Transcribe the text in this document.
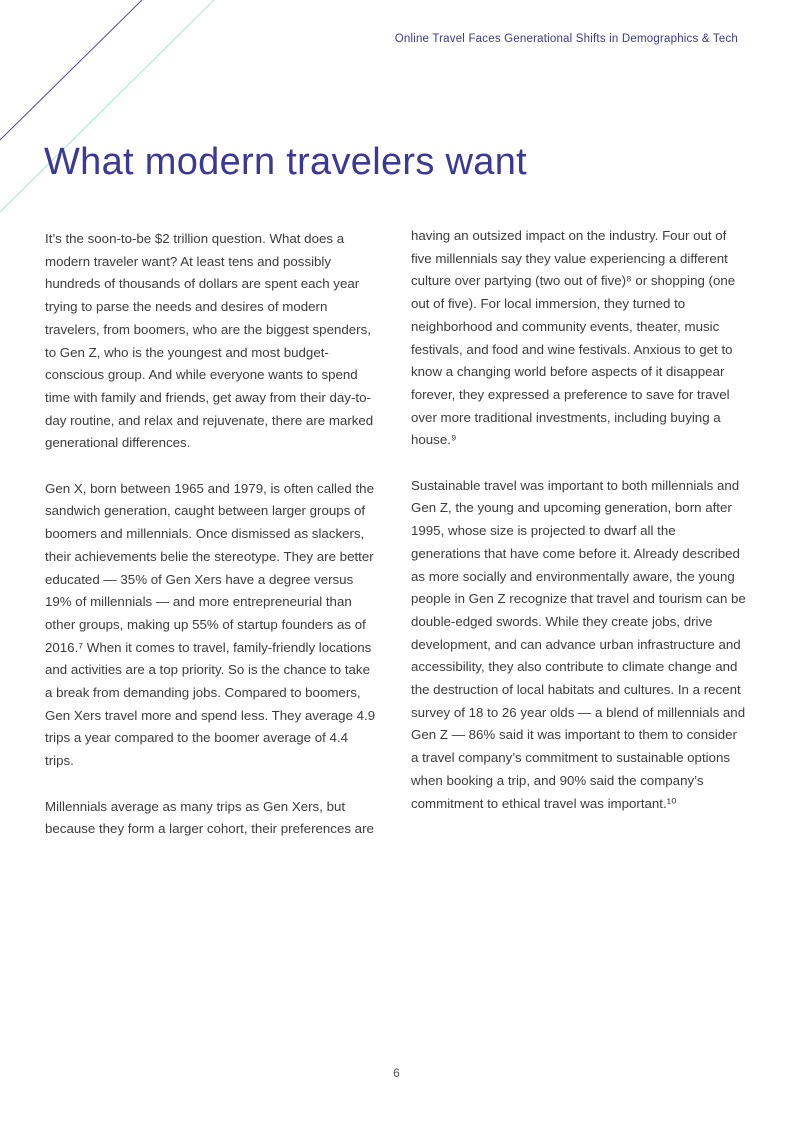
Online Travel Faces Generational Shifts in Demographics & Tech
What modern travelers want

It’s the soon-to-be $2 trillion question. What does a modern traveler want? At least tens and possibly hundreds of thousands of dollars are spent each year trying to parse the needs and desires of modern travelers, from boomers, who are the biggest spenders, to Gen Z, who is the youngest and most budget-conscious group. And while everyone wants to spend time with family and friends, get away from their day-to-day routine, and relax and rejuvenate, there are marked generational differences.

Gen X, born between 1965 and 1979, is often called the sandwich generation, caught between larger groups of boomers and millennials. Once dismissed as slackers, their achievements belie the stereotype. They are better educated — 35% of Gen Xers have a degree versus 19% of millennials — and more entrepreneurial than other groups, making up 55% of startup founders as of 2016.⁷ When it comes to travel, family-friendly locations and activities are a top priority. So is the chance to take a break from demanding jobs. Compared to boomers, Gen Xers travel more and spend less. They average 4.9 trips a year compared to the boomer average of 4.4 trips.

Millennials average as many trips as Gen Xers, but because they form a larger cohort, their preferences are

having an outsized impact on the industry. Four out of five millennials say they value experiencing a different culture over partying (two out of five)⁸ or shopping (one out of five). For local immersion, they turned to neighborhood and community events, theater, music festivals, and food and wine festivals. Anxious to get to know a changing world before aspects of it disappear forever, they expressed a preference to save for travel over more traditional investments, including buying a house.⁹

Sustainable travel was important to both millennials and Gen Z, the young and upcoming generation, born after 1995, whose size is projected to dwarf all the generations that have come before it. Already described as more socially and environmentally aware, the young people in Gen Z recognize that travel and tourism can be double-edged swords. While they create jobs, drive development, and can advance urban infrastructure and accessibility, they also contribute to climate change and the destruction of local habitats and cultures. In a recent survey of 18 to 26 year olds — a blend of millennials and Gen Z — 86% said it was important to them to consider a travel company’s commitment to sustainable options when booking a trip, and 90% said the company’s commitment to ethical travel was important.¹⁰

6
